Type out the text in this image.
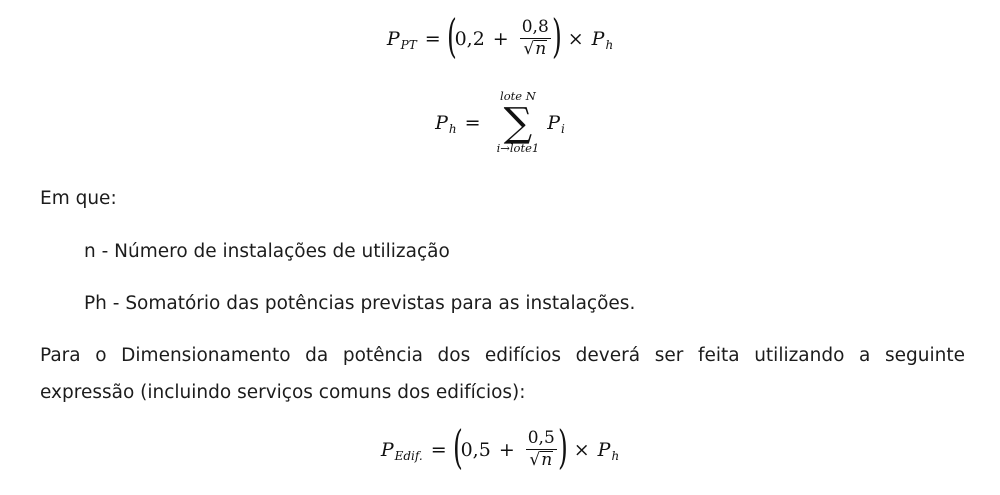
P PT = (
$0,2 + \frac{0,8}{√ n}$ ) × P h
P h =
lote N
∑
i→lote1
P i

Em que:

n - Número de instalações de utilização

Ph - Somatório das potências previstas para as instalações.

Para o Dimensionamento da potência dos edifícios deverá ser feita utilizando a seguinte

expressão (incluindo serviços comuns dos edifícios):

P Edif. = (
$0,5 + \frac{0,5}{√ n}$ ) × P h
